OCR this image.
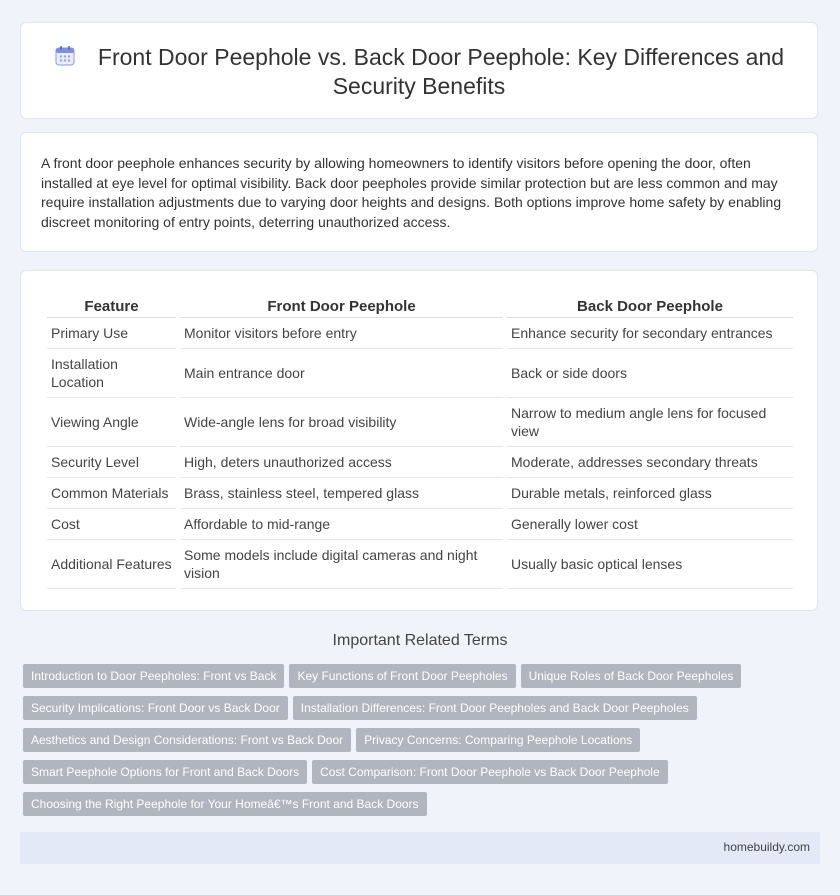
Front Door Peephole vs. Back Door Peephole: Key Differences and Security Benefits

A front door peephole enhances security by allowing homeowners to identify visitors before opening the door, often installed at eye level for optimal visibility. Back door peepholes provide similar protection but are less common and may require installation adjustments due to varying door heights and designs. Both options improve home safety by enabling discreet monitoring of entry points, deterring unauthorized access.

Feature	Front Door Peephole	Back Door Peephole
Primary Use	Monitor visitors before entry	Enhance security for secondary entrances
Installation Location	Main entrance door	Back or side doors
Viewing Angle	Wide-angle lens for broad visibility	Narrow to medium angle lens for focused view
Security Level	High, deters unauthorized access	Moderate, addresses secondary threats
Common Materials	Brass, stainless steel, tempered glass	Durable metals, reinforced glass
Cost	Affordable to mid-range	Generally lower cost
Additional Features	Some models include digital cameras and night vision	Usually basic optical lenses
Important Related Terms
Introduction to Door Peepholes: Front vs Back Key Functions of Front Door Peepholes Unique Roles of Back Door Peepholes
Security Implications: Front Door vs Back Door Installation Differences: Front Door Peepholes and Back Door Peepholes
Aesthetics and Design Considerations: Front vs Back Door Privacy Concerns: Comparing Peephole Locations
Smart Peephole Options for Front and Back Doors Cost Comparison: Front Door Peephole vs Back Door Peephole
Choosing the Right Peephole for Your Homeâ€™s Front and Back Doors
homebuildy.com
